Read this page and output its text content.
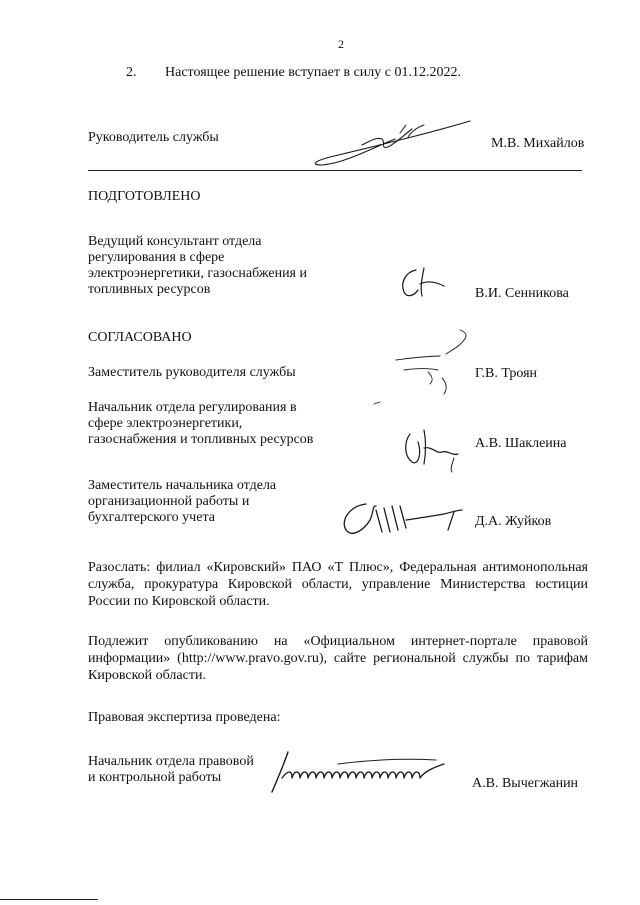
2
2. Настоящее решение вступает в силу с 01.12.2022.
Руководитель службы	М.В. Михайлов
ПОДГОТОВЛЕНО
Ведущий консультант отдела
регулирования в сфере
электроэнергетики, газоснабжения и
топливных ресурсов	В.И. Сенникова
СОГЛАСОВАНО
Заместитель руководителя службы	Г.В. Троян
Начальник отдела регулирования в
сфере электроэнергетики,
газоснабжения и топливных ресурсов	А.В. Шаклеина
Заместитель начальника отдела
организационной работы и
бухгалтерского учета	Д.А. Жуйков
Разослать: филиал «Кировский» ПАО «Т Плюс», Федеральная антимонопольная служба, прокуратура Кировской области, управление Министерства юстиции России по Кировской области.
Подлежит опубликованию на «Официальном интернет-портале правовой информации» (http://www.pravo.gov.ru), сайте региональной службы по тарифам Кировской области.
Правовая экспертиза проведена:
Начальник отдела правовой
и контрольной работы	А.В. Вычегжанин
